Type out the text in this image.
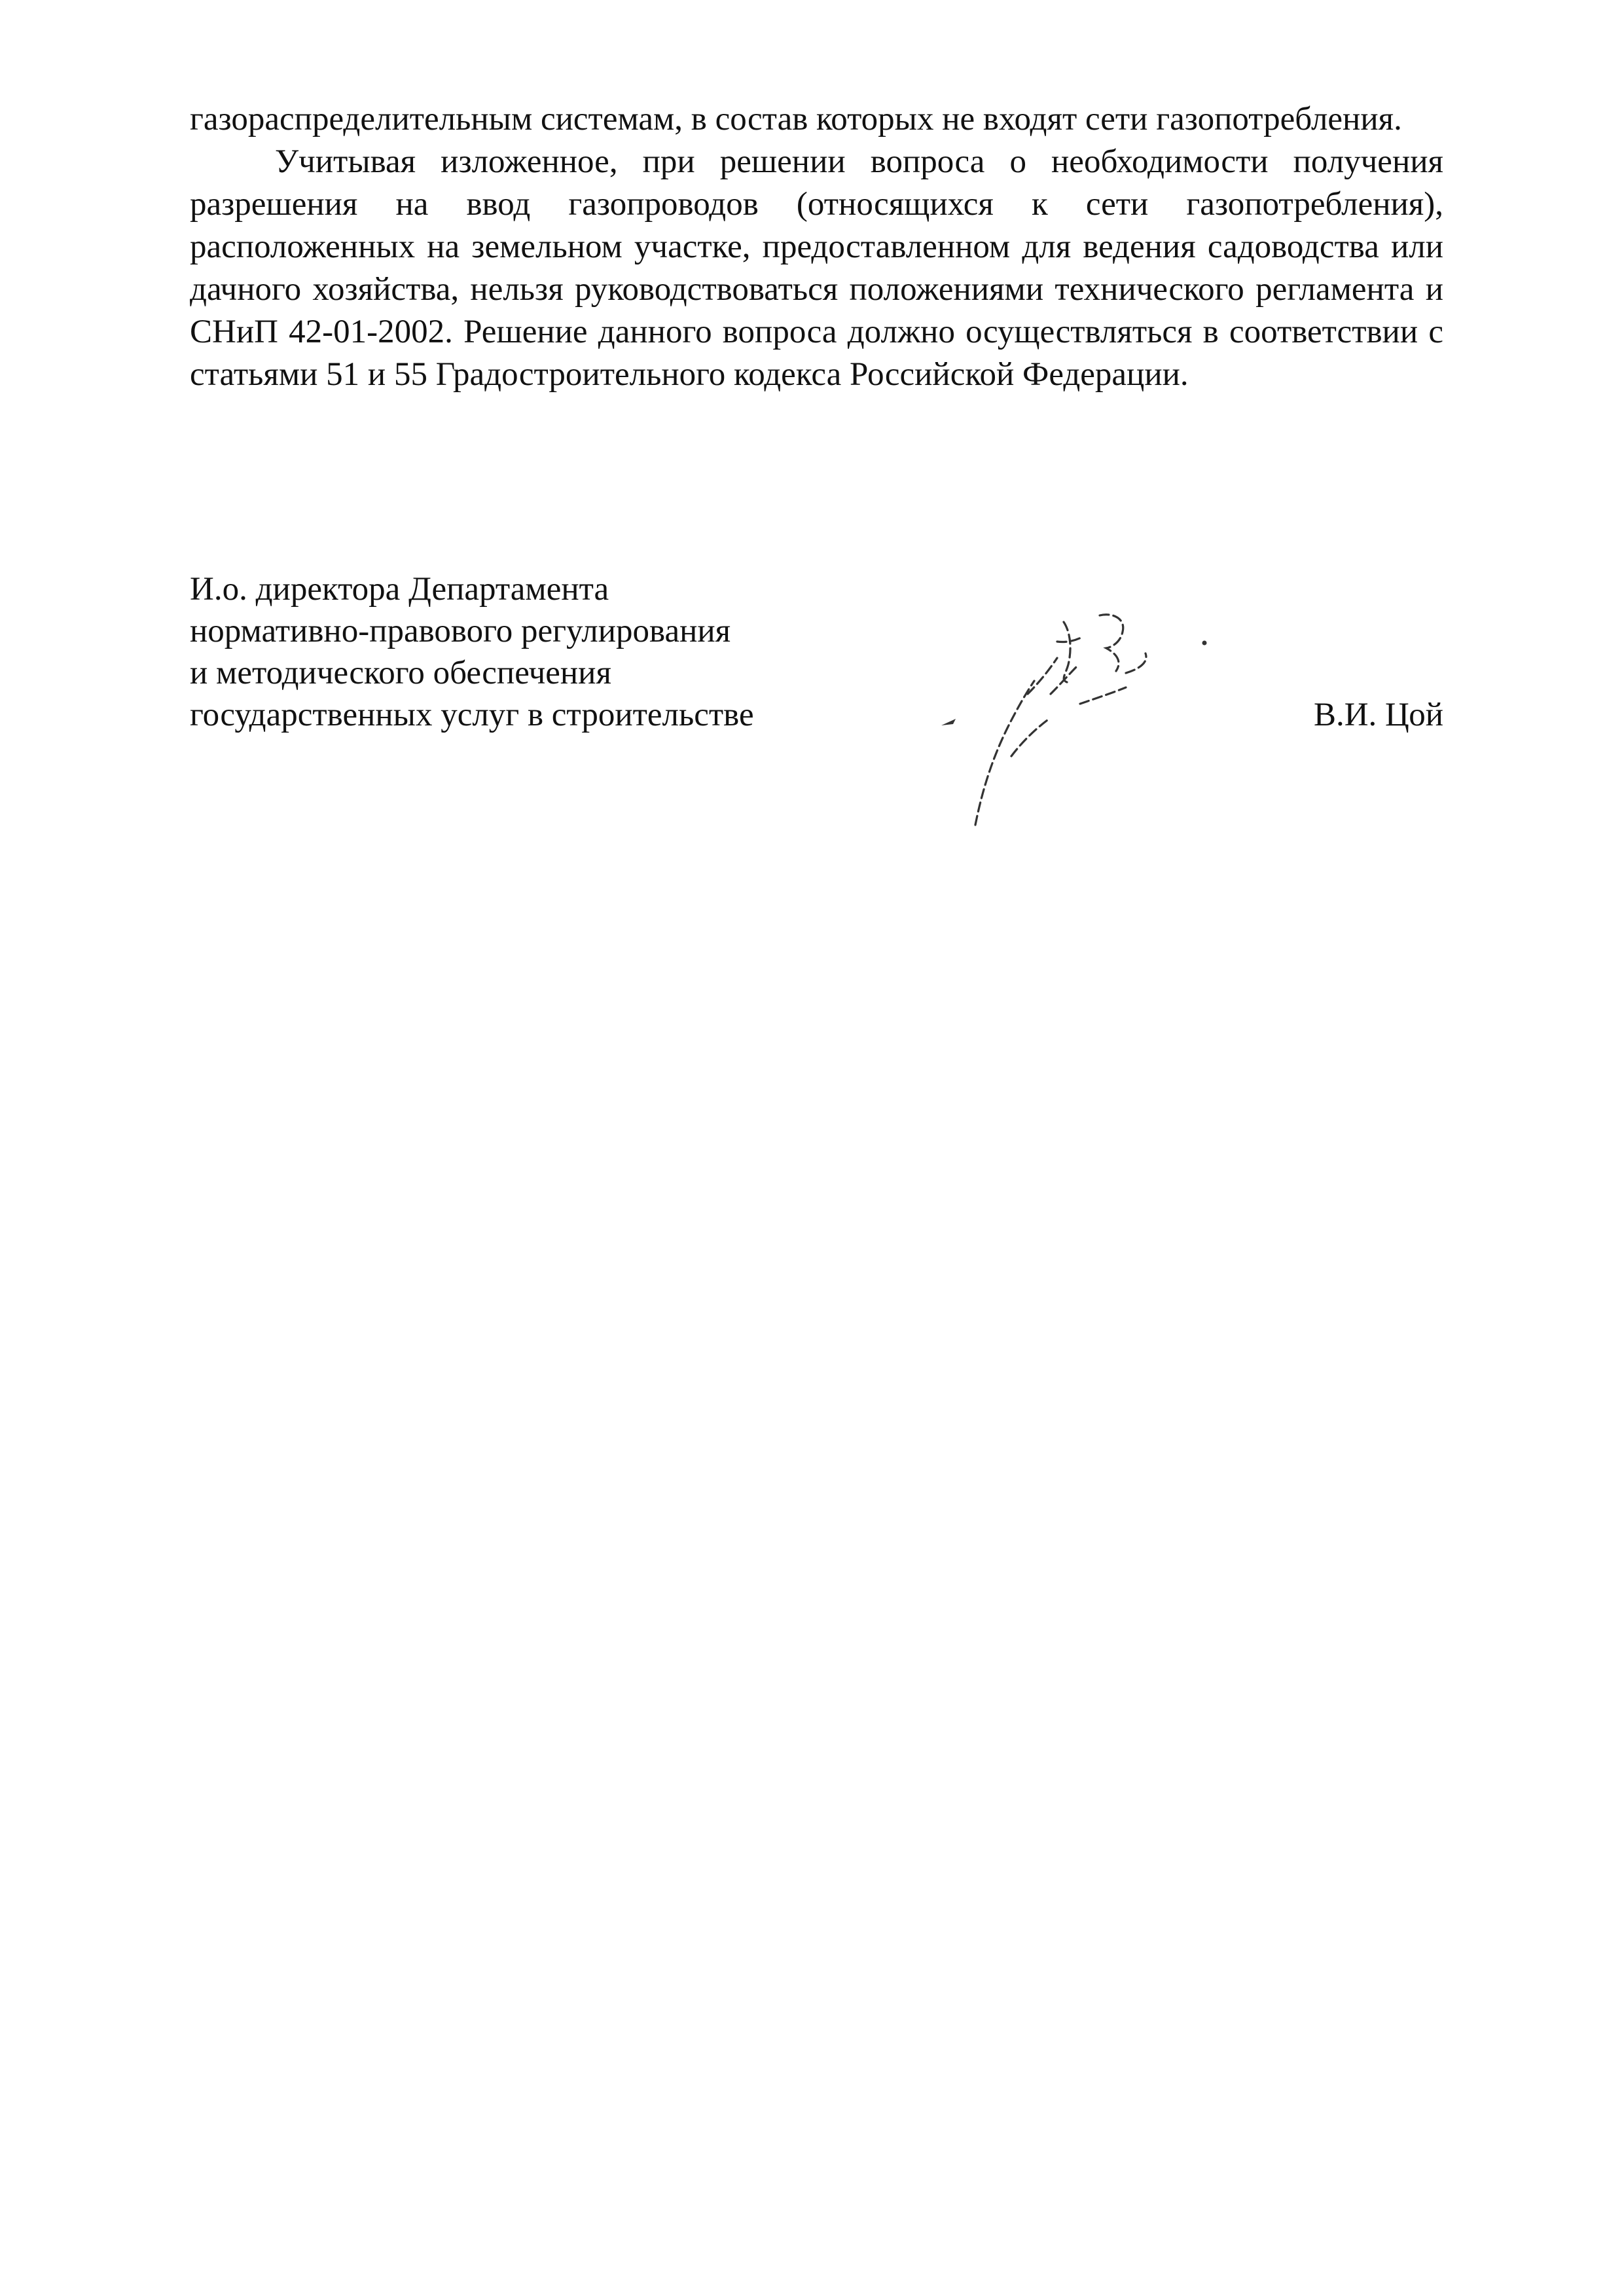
газораспределительным системам, в состав которых не входят сети газопотребления.

Учитывая изложенное, при решении вопроса о необходимости получения разрешения на ввод газопроводов (относящихся к сети газопотребления), расположенных на земельном участке, предоставленном для ведения садоводства или дачного хозяйства, нельзя руководствоваться положениями технического регламента и СНиП 42-01-2002. Решение данного вопроса должно осуществляться в соответствии с статьями 51 и 55 Градостроительного кодекса Российской Федерации.

И.о. директора Департамента
нормативно-правового регулирования
и методического обеспечения
государственных услуг в строительстве	В.И. Цой
